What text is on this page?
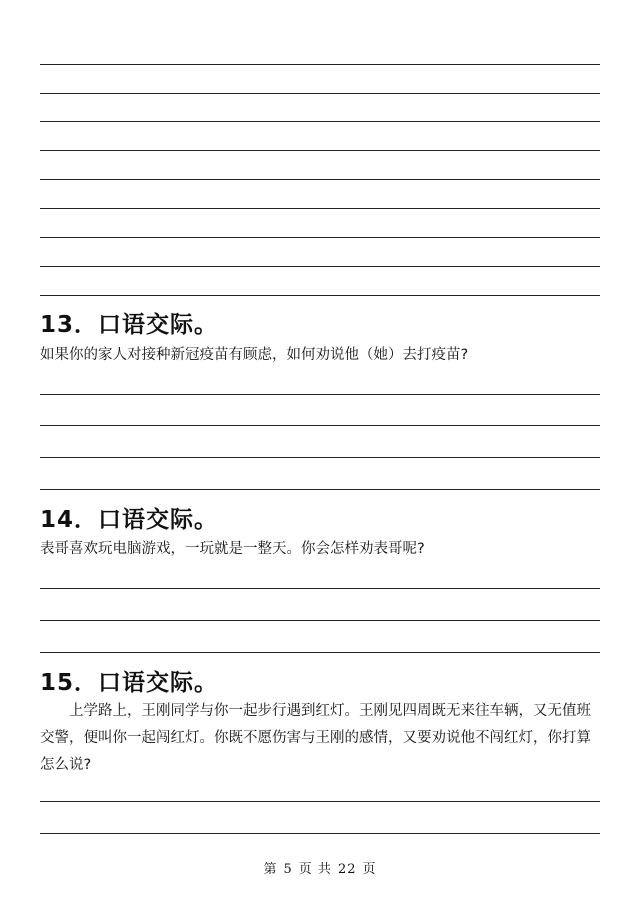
13．口语交际。
如果你的家人对接种新冠疫苗有顾虑，如何劝说他（她）去打疫苗?
14．口语交际。
表哥喜欢玩电脑游戏，一玩就是一整天。你会怎样劝表哥呢?
15．口语交际。
上学路上，王刚同学与你一起步行遇到红灯。王刚见四周既无来往车辆，又无值班交警，便叫你一起闯红灯。你既不愿伤害与王刚的感情，又要劝说他不闯红灯，你打算怎么说?
第 5 页 共 22 页
